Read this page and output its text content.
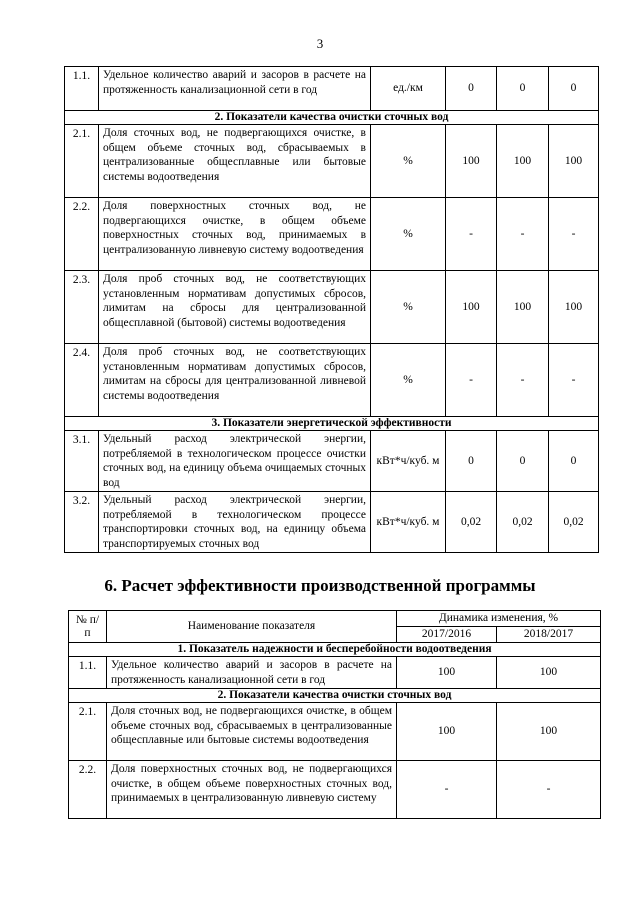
3
1.1.	Удельное количество аварий и засоров в расчете на протяженность канализационной сети в год	ед./км	0	0	0
2. Показатели качества очистки сточных вод					
2.1.	Доля сточных вод, не подвергающихся очистке, в общем объеме сточных вод, сбрасываемых в централизованные общесплавные или бытовые системы водоотведения	%	100	100	100
2.2.	Доля поверхностных сточных вод, не подвергающихся очистке, в общем объеме поверхностных сточных вод, принимаемых в централизованную ливневую систему водоотведения	%	-	-	-
2.3.	Доля проб сточных вод, не соответствующих установленным нормативам допустимых сбросов, лимитам на сбросы для централизованной общесплавной (бытовой) системы водоотведения	%	100	100	100
2.4.	Доля проб сточных вод, не соответствующих установленным нормативам допустимых сбросов, лимитам на сбросы для централизованной ливневой системы водоотведения	%	-	-	-
3. Показатели энергетической эффективности					
3.1.	Удельный расход электрической энергии, потребляемой в технологическом процессе очистки сточных вод, на единицу объема очищаемых сточных вод	кВт*ч/куб. м	0	0	0
3.2.	Удельный расход электрической энергии, потребляемой в технологическом процессе транспортировки сточных вод, на единицу объема транспортируемых сточных вод	кВт*ч/куб. м	0,02	0,02	0,02
6. Расчет эффективности производственной программы
№ п/п	Наименование показателя	Динамика изменения, %	
		2017/2016	2018/2017
1. Показатель надежности и бесперебойности водоотведения			
1.1.	Удельное количество аварий и засоров в расчете на протяженность канализационной сети в год	100	100
2. Показатели качества очистки сточных вод			
2.1.	Доля сточных вод, не подвергающихся очистке, в общем объеме сточных вод, сбрасываемых в централизованные общесплавные или бытовые системы водоотведения	100	100
2.2.	Доля поверхностных сточных вод, не подвергающихся очистке, в общем объеме поверхностных сточных вод, принимаемых в централизованную ливневую систему	-	-
